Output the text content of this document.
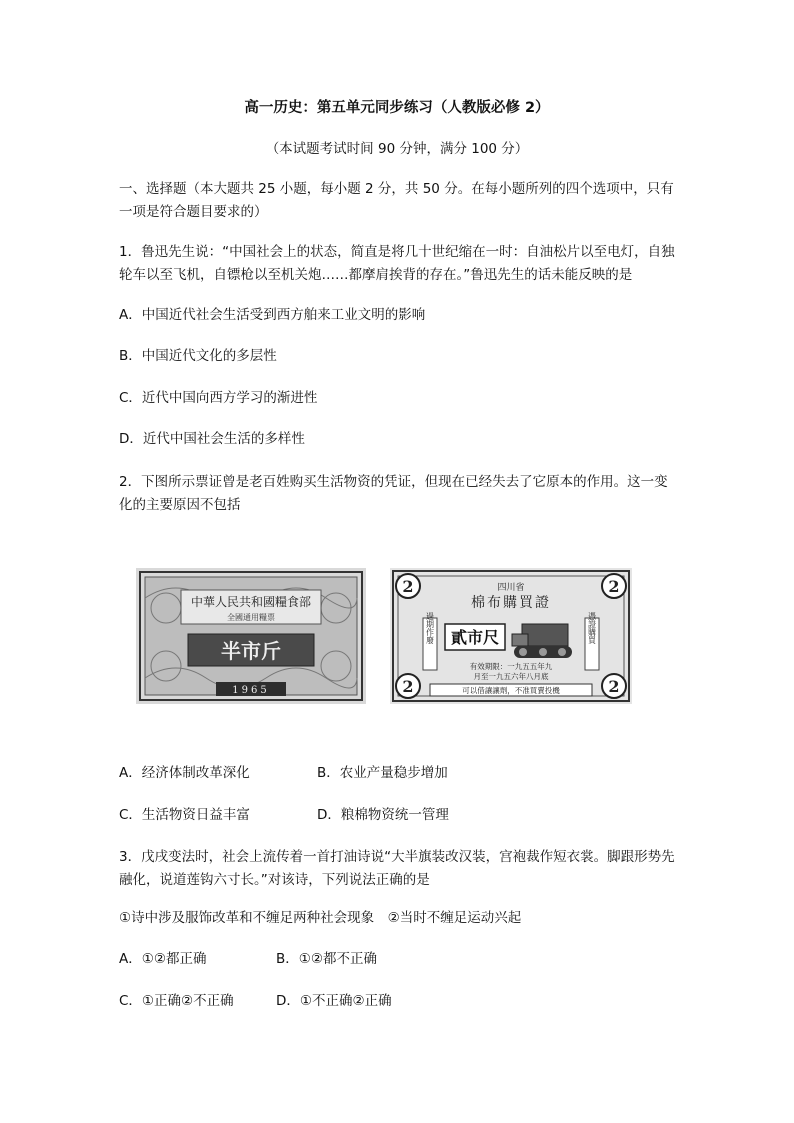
高一历史：第五单元同步练习（人教版必修 2）
（本试题考试时间 90 分钟，满分 100 分）
一、选择题（本大题共 25 小题，每小题 2 分，共 50 分。在每小题所列的四个选项中，只有
一项是符合题目要求的）
1．鲁迅先生说：“中国社会上的状态，简直是将几十世纪缩在一时：自油松片以至电灯，自独
轮车以至飞机，自镖枪以至机关炮……都摩肩挨背的存在。”鲁迅先生的话未能反映的是
A．中国近代社会生活受到西方舶来工业文明的影响
B．中国近代文化的多层性
C．近代中国向西方学习的渐进性
D．近代中国社会生活的多样性
2．下图所示票证曾是老百姓购买生活物资的凭证，但现在已经失去了它原本的作用。这一变
化的主要原因不包括
中華人民共和國糧食部
全國通用糧票
半市斤
1965
2	2
2	2
四川省
棉布購買證
過期作廢	憑證購買
貳市尺
有效期限：一九五五年九
月至一九五六年八月底
可以借讓讓劑，不准買賣投機
A．经济体制改革深化	B．农业产量稳步增加
C．生活物资日益丰富	D．粮棉物资统一管理
3．戊戌变法时，社会上流传着一首打油诗说“大半旗装改汉装，宫袍裁作短衣裳。脚跟形势先
融化，说道莲钩六寸长。”对该诗，下列说法正确的是
①诗中涉及服饰改革和不缠足两种社会现象　②当时不缠足运动兴起
A．①②都正确	B．①②都不正确
C．①正确②不正确	D．①不正确②正确
